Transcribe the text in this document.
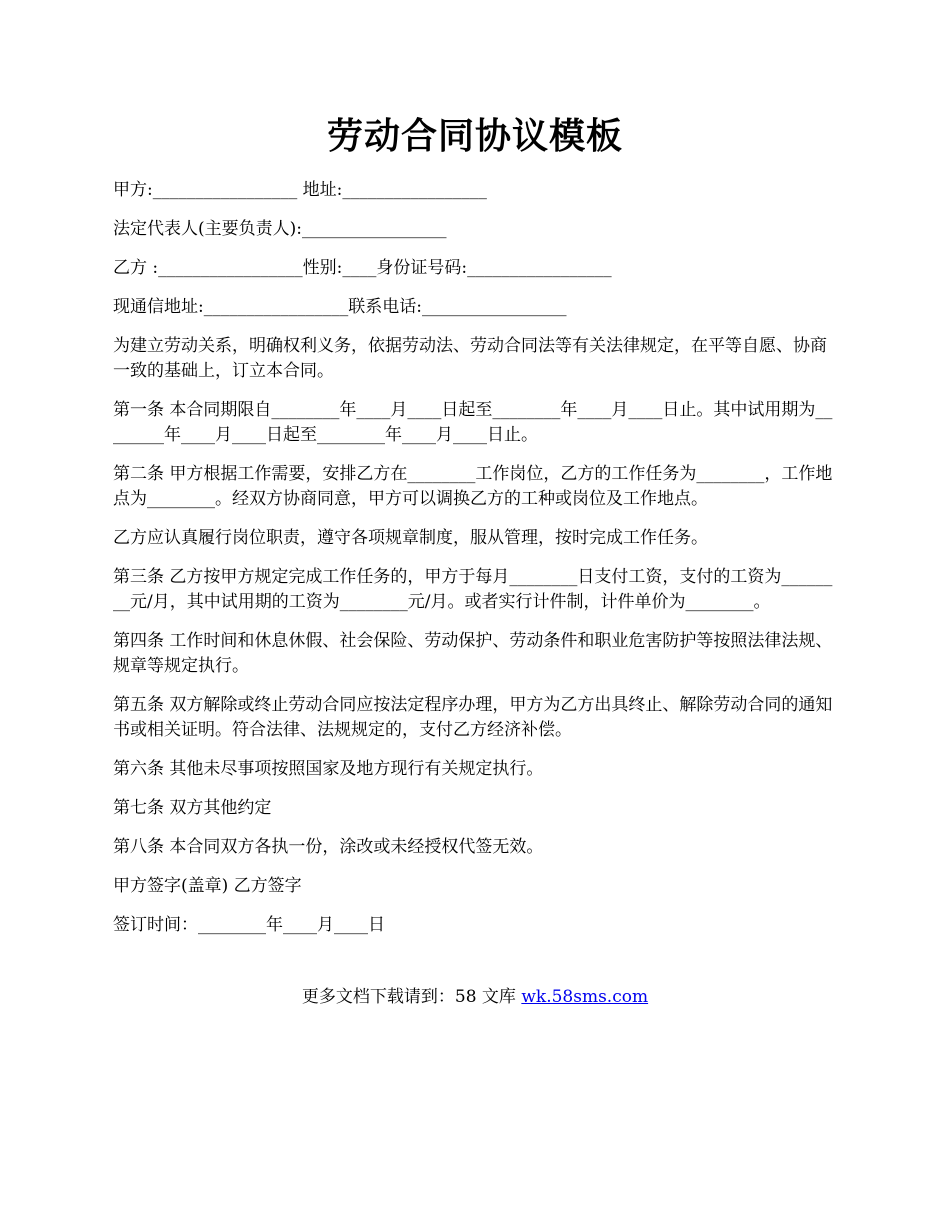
劳动合同协议模板

甲方:_________________ 地址:_________________

法定代表人(主要负责人):_________________

乙方 :_________________性别:____身份证号码:_________________

现通信地址:_________________联系电话:_________________

为建立劳动关系，明确权利义务，依据劳动法、劳动合同法等有关法律规定，在平等自愿、协商一致的基础上，订立本合同。

第一条 本合同期限自________年____月____日起至________年____月____日止。其中试用期为________年____月____日起至________年____月____日止。

第二条 甲方根据工作需要，安排乙方在________工作岗位，乙方的工作任务为________，工作地点为________。经双方协商同意，甲方可以调换乙方的工种或岗位及工作地点。

乙方应认真履行岗位职责，遵守各项规章制度，服从管理，按时完成工作任务。

第三条 乙方按甲方规定完成工作任务的，甲方于每月________日支付工资，支付的工资为________元/月，其中试用期的工资为________元/月。或者实行计件制，计件单价为________。

第四条 工作时间和休息休假、社会保险、劳动保护、劳动条件和职业危害防护等按照法律法规、规章等规定执行。

第五条 双方解除或终止劳动合同应按法定程序办理，甲方为乙方出具终止、解除劳动合同的通知书或相关证明。符合法律、法规规定的，支付乙方经济补偿。

第六条 其他未尽事项按照国家及地方现行有关规定执行。

第七条 双方其他约定

第八条 本合同双方各执一份，涂改或未经授权代签无效。

甲方签字(盖章) 乙方签字

签订时间：________年____月____日

更多文档下载请到：58 文库 wk.58sms.com
